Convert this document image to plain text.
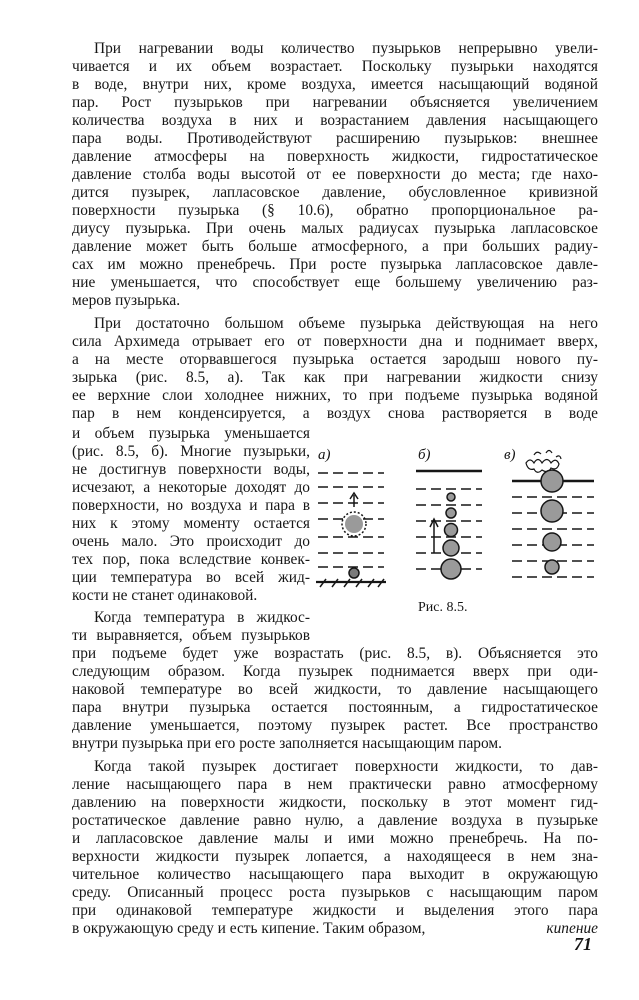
При нагревании воды количество пузырьков непрерывно увели-
чивается и их объем возрастает. Поскольку пузырьки находятся
в воде, внутри них, кроме воздуха, имеется насыщающий водяной
пар. Рост пузырьков при нагревании объясняется увеличением
количества воздуха в них и возрастанием давления насыщающего
пара воды. Противодействуют расширению пузырьков: внешнее
давление атмосферы на поверхность жидкости, гидростатическое
давление столба воды высотой от ее поверхности до места; где нахо-
дится пузырек, лапласовское давление, обусловленное кривизной
поверхности пузырька (§ 10.6), обратно пропорциональное ра-
диусу пузырька. При очень малых радиусах пузырька лапласовское
давление может быть больше атмосферного, а при больших радиу-
сах им можно пренебречь. При росте пузырька лапласовское давле-
ние уменьшается, что способствует еще большему увеличению раз-
меров пузырька.
При достаточно большом объеме пузырька действующая на него
сила Архимеда отрывает его от поверхности дна и поднимает вверх,
а на месте оторвавшегося пузырька остается зародыш нового пу-
зырька (рис. 8.5, а). Так как при нагревании жидкости снизу
ее верхние слои холоднее нижних, то при подъеме пузырька водяной
пар в нем конденсируется, а воздух снова растворяется в воде
и объем пузырька уменьшается
(рис. 8.5, б). Многие пузырьки,
не достигнув поверхности воды,
исчезают, а некоторые доходят до
поверхности, но воздуха и пара в
них к этому моменту остается
очень мало. Это происходит до
тех пор, пока вследствие конвек-
ции температура во всей жид-
кости не станет одинаковой.
Когда температура в жидкос-
ти выравняется, объем пузырьков
при подъеме будет уже возрастать (рис. 8.5, в). Объясняется это
следующим образом. Когда пузырек поднимается вверх при оди-
наковой температуре во всей жидкости, то давление насыщающего
пара внутри пузырька остается постоянным, а гидростатическое
давление уменьшается, поэтому пузырек растет. Все пространство
внутри пузырька при его росте заполняется насыщающим паром.
Когда такой пузырек достигает поверхности жидкости, то дав-
ление насыщающего пара в нем практически равно атмосферному
давлению на поверхности жидкости, поскольку в этот момент гид-
ростатическое давление равно нулю, а давление воздуха в пузырьке
и лапласовское давление малы и ими можно пренебречь. На по-
верхности жидкости пузырек лопается, а находящееся в нем зна-
чительное количество насыщающего пара выходит в окружающую
среду. Описанный процесс роста пузырьков с насыщающим паром
при одинаковой температуре жидкости и выделения этого пара
в окружающую среду и есть кипение. Таким образом,	кипение
а)	б)	в)
Рис. 8.5.
71
